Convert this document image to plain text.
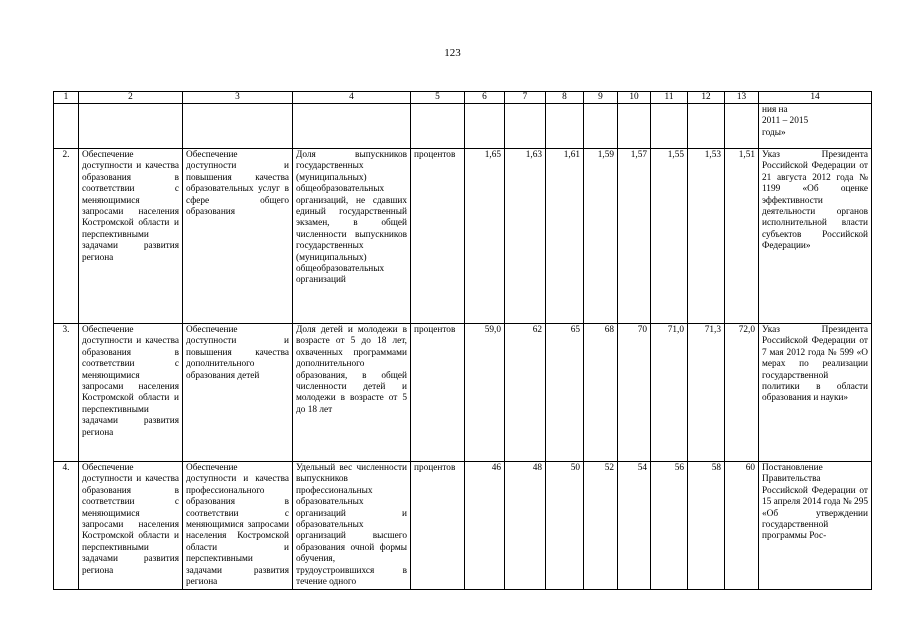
123
1	2	3	4	5	6	7	8	9	10	11	12	13	14
													ния на
2011 – 2015
годы»
2.	Обеспечение доступности и качества образования в соответствии с меняющимися запросами населения Костромской области и перспективными задачами развития региона	Обеспечение доступности и повышения качества образовательных услуг в сфере общего образования	Доля выпускников государственных (муниципальных) общеобразовательных организаций, не сдавших единый государственный экзамен, в общей численности выпускников государственных (муниципальных) общеобразовательных организаций	процентов	1,65	1,63	1,61	1,59	1,57	1,55	1,53	1,51	Указ Президента Российской Федерации от 21 августа 2012 года № 1199 «Об оценке эффективности деятельности органов исполнительной власти субъектов Российской Федерации»
3.	Обеспечение доступности и качества образования в соответствии с меняющимися запросами населения Костромской области и перспективными задачами развития региона	Обеспечение доступности и повышения качества дополнительного образования детей	Доля детей и молодежи в возрасте от 5 до 18 лет, охваченных программами дополнительного образования, в общей численности детей и молодежи в возрасте от 5 до 18 лет	процентов	59,0	62	65	68	70	71,0	71,3	72,0	Указ Президента Российской Федерации от 7 мая 2012 года № 599 «О мерах по реализации государственной политики в области образования и науки»
4.	Обеспечение доступности и качества образования в соответствии с меняющимися запросами населения Костромской области и перспективными задачами развития региона	Обеспечение доступности и качества профессионального образования в соответствии с меняющимися запросами населения Костромской области и перспективными задачами развития региона	Удельный вес численности выпускников профессиональных образовательных организаций и образовательных организаций высшего образования очной формы обучения, трудоустроившихся в течение одного	процентов	46	48	50	52	54	56	58	60	Постановление Правительства Российской Федерации от 15 апреля 2014 года № 295 «Об утверждении государственной программы Рос-
